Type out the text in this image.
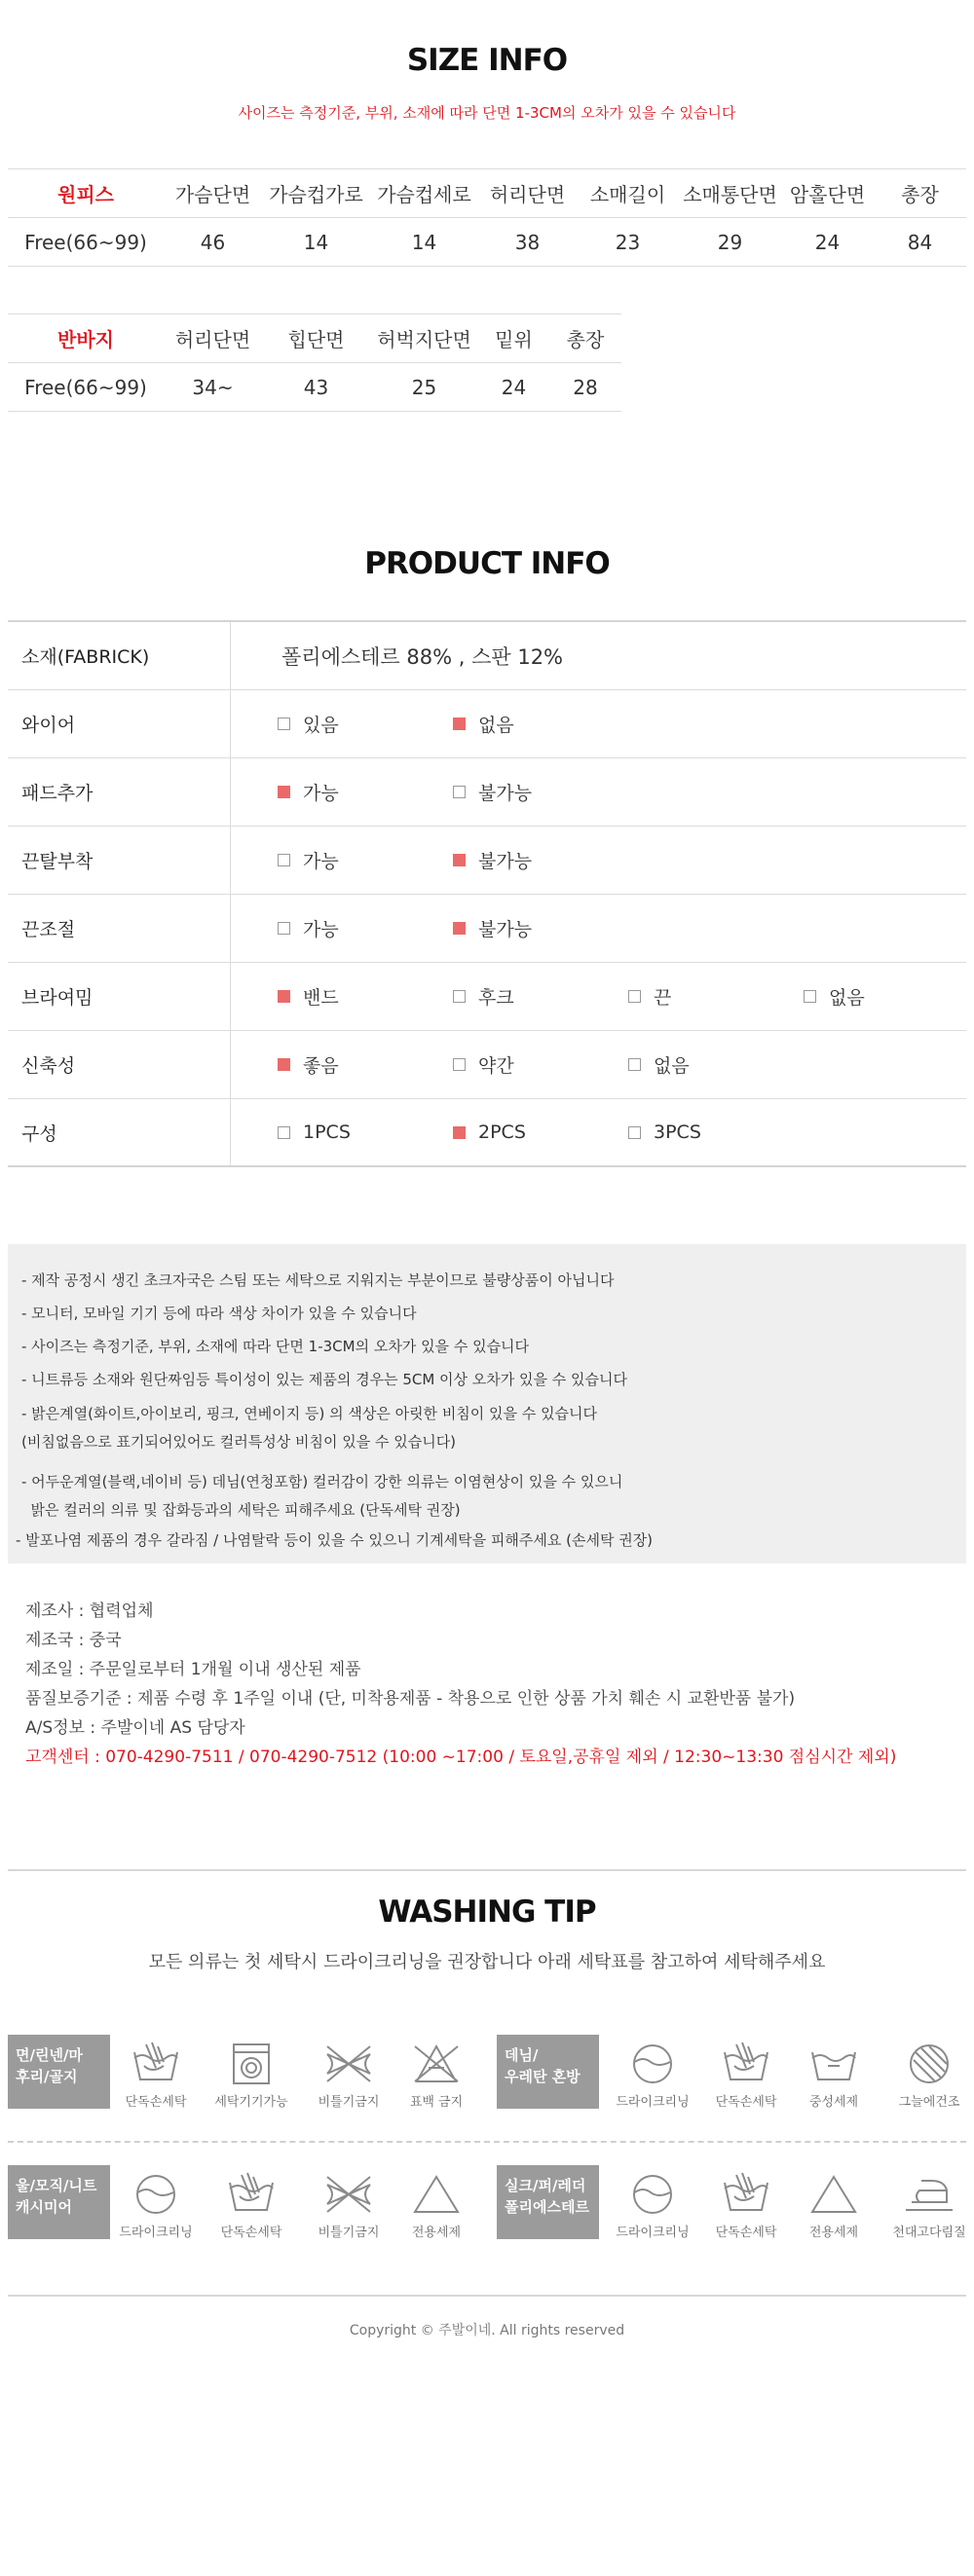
SIZE INFO
사이즈는 측정기준, 부위, 소재에 따라 단면 1-3CM의 오차가 있을 수 있습니다
원피스	가슴단면	가슴컵가로	가슴컵세로	허리단면	소매길이	소매통단면	암홀단면	총장
Free(66~99)	46	14	14	38	23	29	24	84
반바지	허리단면	힙단면	허벅지단면	밑위	총장
Free(66~99)	34~	43	25	24	28
PRODUCT INFO
소재(FABRICK)	폴리에스테르 88% , 스판 12%
와이어	있음	없음
패드추가	가능	불가능
끈탈부착	가능	불가능
끈조절	가능	불가능
브라여밈	밴드	후크	끈	없음
신축성	좋음	약간	없음
구성	1PCS	2PCS	3PCS

- 제작 공정시 생긴 초크자국은 스팀 또는 세탁으로 지워지는 부분이므로 불량상품이 아닙니다

- 모니터, 모바일 기기 등에 따라 색상 차이가 있을 수 있습니다

- 사이즈는 측정기준, 부위, 소재에 따라 단면 1-3CM의 오차가 있을 수 있습니다

- 니트류등 소재와 원단짜임등 특이성이 있는 제품의 경우는 5CM 이상 오차가 있을 수 있습니다

- 밝은계열(화이트,아이보리, 핑크, 연베이지 등) 의 색상은 아릿한 비침이 있을 수 있습니다

(비침없음으로 표기되어있어도 컬러특성상 비침이 있을 수 있습니다)

- 어두운계열(블랙,네이비 등) 데님(연청포함) 컬러감이 강한 의류는 이염현상이 있을 수 있으니

밝은 컬러의 의류 및 잡화등과의 세탁은 피해주세요 (단독세탁 권장)

- 발포나염 제품의 경우 갈라짐 / 나염탈락 등이 있을 수 있으니 기계세탁을 피해주세요 (손세탁 권장)

제조사 : 협력업체

제조국 : 중국

제조일 : 주문일로부터 1개월 이내 생산된 제품

품질보증기준 : 제품 수령 후 1주일 이내 (단, 미착용제품 - 착용으로 인한 상품 가치 훼손 시 교환반품 불가)

A/S정보 : 주발이네 AS 담당자

고객센터 : 070-4290-7511 / 070-4290-7512 (10:00 ~17:00 / 토요일,공휴일 제외 / 12:30~13:30 점심시간 제외)

WASHING TIP
모든 의류는 첫 세탁시 드라이크리닝을 권장합니다 아래 세탁표를 참고하여 세탁해주세요
면/린넨/마
후리/골지
단독손세탁	세탁기기가능	비틀기금지	표백 금지
데님/
우레탄 혼방
드라이크리닝	단독손세탁	중성세제	그늘에건조
울/모직/니트
캐시미어
드라이크리닝	단독손세탁	비틀기금지	전용세제
실크/퍼/레더
폴리에스테르
드라이크리닝	단독손세탁	전용세제	천대고다림질
Copyright © 주발이네. All rights reserved
